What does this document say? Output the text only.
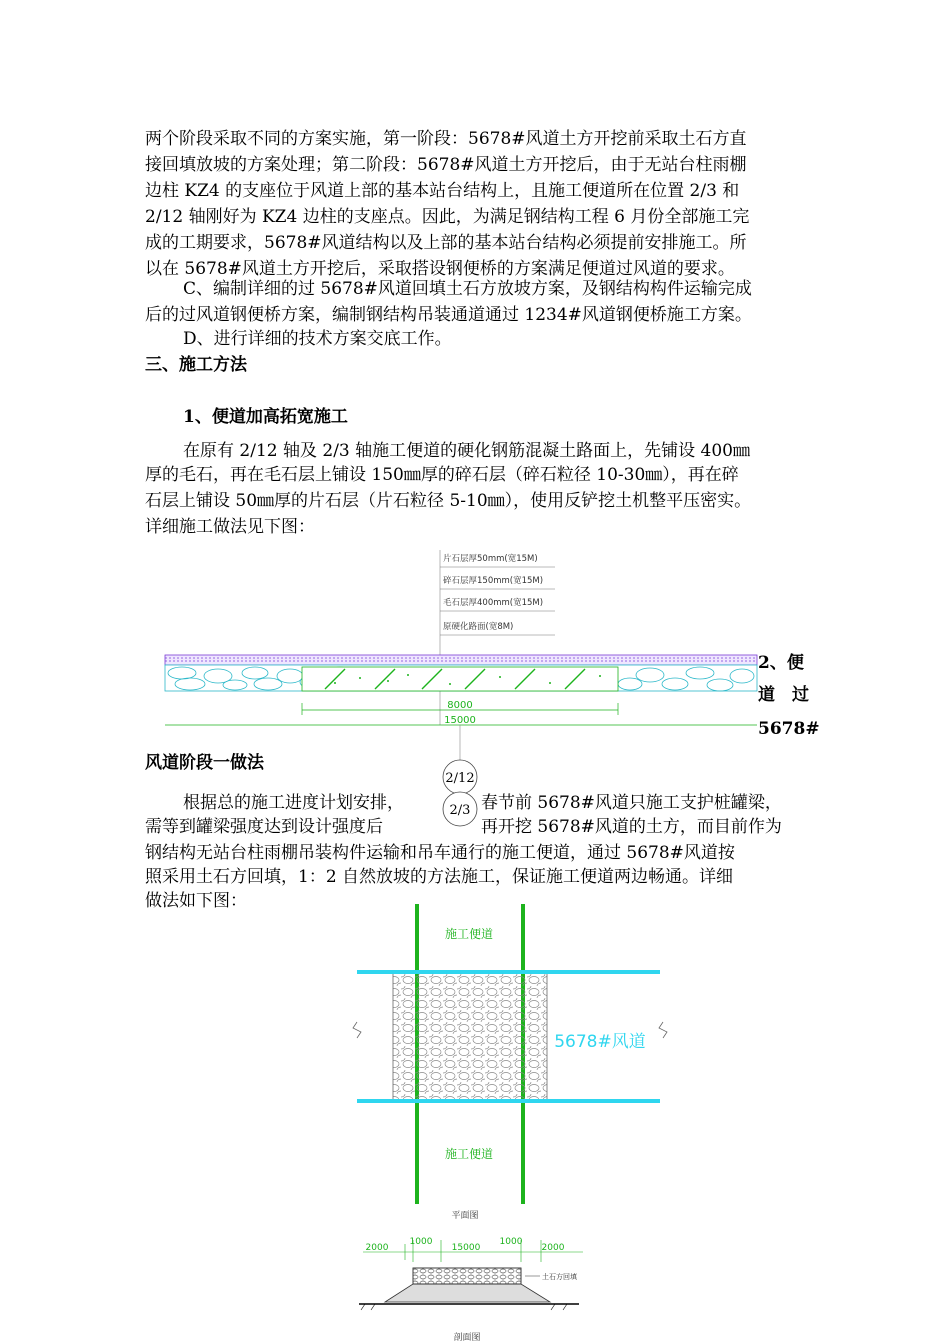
两个阶段采取不同的方案实施，第一阶段：5678#风道土方开挖前采取土石方直
接回填放坡的方案处理；第二阶段：5678#风道土方开挖后，由于无站台柱雨棚
边柱 KZ4 的支座位于风道上部的基本站台结构上，且施工便道所在位置 2/3 和
2/12 轴刚好为 KZ4 边柱的支座点。因此，为满足钢结构工程 6 月份全部施工完
成的工期要求，5678#风道结构以及上部的基本站台结构必须提前安排施工。所
以在 5678#风道土方开挖后，采取搭设钢便桥的方案满足便道过风道的要求。
C、编制详细的过 5678#风道回填土石方放坡方案，及钢结构构件运输完成
后的过风道钢便桥方案，编制钢结构吊装通道通过 1234#风道钢便桥施工方案。
D、进行详细的技术方案交底工作。
三、施工方法
1、便道加高拓宽施工
在原有 2/12 轴及 2/3 轴施工便道的硬化钢筋混凝土路面上，先铺设 400㎜
厚的毛石，再在毛石层上铺设 150㎜厚的碎石层（碎石粒径 10-30㎜），再在碎
石层上铺设 50㎜厚的片石层（片石粒径 5-10㎜），使用反铲挖土机整平压密实。
详细施工做法见下图：
片石层厚50mm(宽15M)
碎石层厚150mm(宽15M)
毛石层厚400mm(宽15M)
原硬化路面(宽8M)
8000
15000
2、便
道　过
5678#
风道阶段一做法
2/12
2/3
根据总的施工进度计划安排，	春节前 5678#风道只施工支护桩罐梁，
需等到罐梁强度达到设计强度后	再开挖 5678#风道的土方，而目前作为
钢结构无站台柱雨棚吊装构件运输和吊车通行的施工便道，通过 5678#风道按
照采用土石方回填，1：2 自然放坡的方法施工，保证施工便道两边畅通。详细
做法如下图：
施工便道
施工便道
5678#风道
平面图
2000
1000
15000
1000
2000
土石方回填
剖面图
